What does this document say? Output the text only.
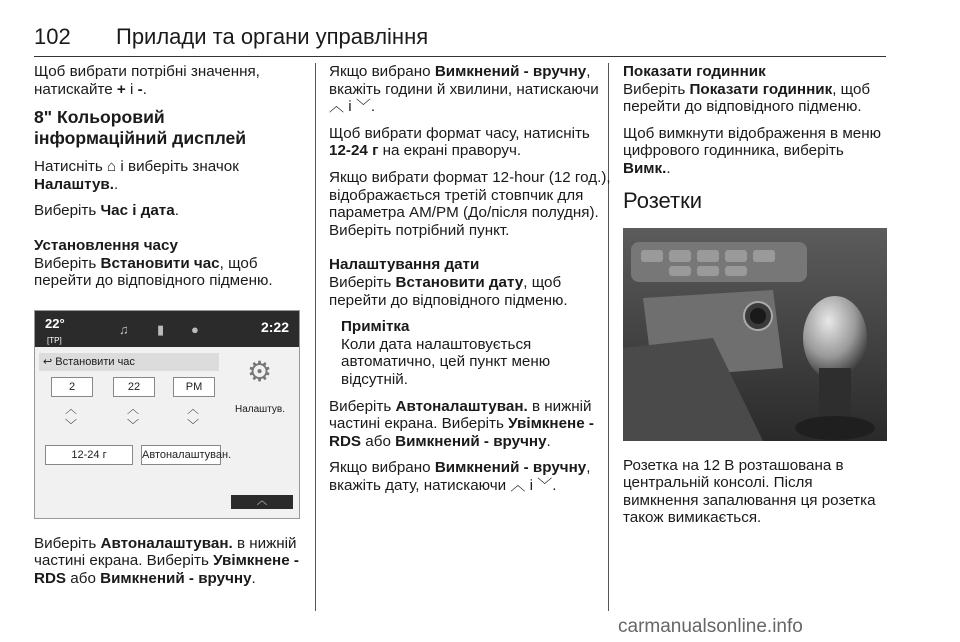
102 Прилади та органи управління

Щоб вибрати потрібні значення, натискайте + і -.

8" Кольоровий інформаційний дисплей

Натисніть ⌂ і виберіть значок Налаштув..

Виберіть Час і дата.

Установлення часу

Виберіть Встановити час, щоб перейти до відповідного підменю.

22°
[TP]
♫ ▮ ●	2:22
↩ Встановити час
2	22	PM
︿
﹀
︿
﹀
︿
﹀
12-24 г	Автоналаштуван.
⚙
Налаштув.
︿

Виберіть Автоналаштуван. в нижній частині екрана. Виберіть Увімкнене - RDS або Вимкнений - вручну.

Якщо вибрано Вимкнений - вручну, вкажіть години й хвилини, натискаючи ︿ і ﹀.

Щоб вибрати формат часу, натисніть 12-24 г на екрані праворуч.

Якщо вибрати формат 12-hour (12 год.), відображається третій стовпчик для параметра AM/PM (До/після полудня). Виберіть потрібний пункт.

Налаштування дати

Виберіть Встановити дату, щоб перейти до відповідного підменю.

Примітка

Коли дата налаштовується автоматично, цей пункт меню відсутній.

Виберіть Автоналаштуван. в нижній частині екрана. Виберіть Увімкнене - RDS або Вимкнений - вручну.

Якщо вибрано Вимкнений - вручну, вкажіть дату, натискаючи ︿ і ﹀.

Показати годинник

Виберіть Показати годинник, щоб перейти до відповідного підменю.

Щоб вимкнути відображення в меню цифрового годинника, виберіть Вимк..

Розетки

Розетка на 12 В розташована в центральній консолі. Після вимкнення запалювання ця розетка також вимикається.

carmanualsonline.info
